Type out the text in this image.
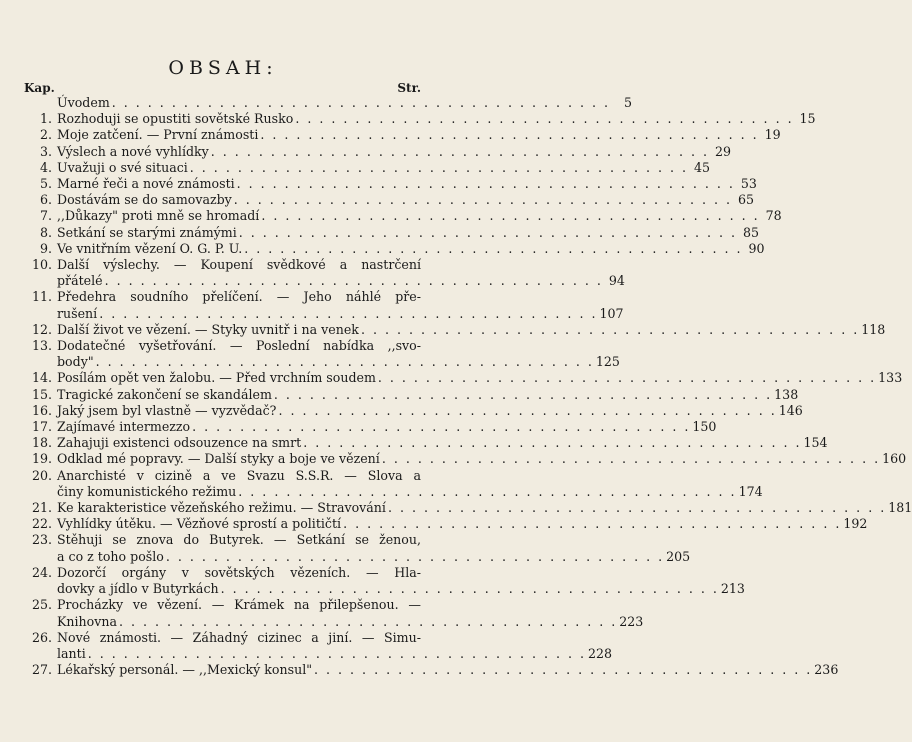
OBSAH:
Kap.	Str.
Úvodem . . . . . . . . . . . . . . . . . . . . . . . . . . . . . . . . . . . . . . . . . .	5
1. Rozhoduji se opustiti sovětské Rusko . . . . . . . . . . . . . . . . . . . . . . . . . . . . . . . . . . . . . . . . . . 15
2. Moje zatčení. — První známosti . . . . . . . . . . . . . . . . . . . . . . . . . . . . . . . . . . . . . . . . . . 19
3. Výslech a nové vyhlídky . . . . . . . . . . . . . . . . . . . . . . . . . . . . . . . . . . . . . . . . . . 29
4. Uvažuji o své situaci . . . . . . . . . . . . . . . . . . . . . . . . . . . . . . . . . . . . . . . . . . 45
5. Marné řeči a nové známosti . . . . . . . . . . . . . . . . . . . . . . . . . . . . . . . . . . . . . . . . . . 53
6. Dostávám se do samovazby . . . . . . . . . . . . . . . . . . . . . . . . . . . . . . . . . . . . . . . . . . 65
7. ,,Důkazy" proti mně se hromadí . . . . . . . . . . . . . . . . . . . . . . . . . . . . . . . . . . . . . . . . . . 78
8. Setkání se starými známými . . . . . . . . . . . . . . . . . . . . . . . . . . . . . . . . . . . . . . . . . . 85
9. Ve vnitřním vězení O. G. P. U. . . . . . . . . . . . . . . . . . . . . . . . . . . . . . . . . . . . . . . . . . . 90
10. Další výslechy. — Koupení svědkové a nastrčení
přátelé . . . . . . . . . . . . . . . . . . . . . . . . . . . . . . . . . . . . . . . . . . 94
11. Předehra soudního přelíčení. — Jeho náhlé pře-
rušení . . . . . . . . . . . . . . . . . . . . . . . . . . . . . . . . . . . . . . . . . . 107
12. Další život ve vězení. — Styky uvnitř i na venek . . . . . . . . . . . . . . . . . . . . . . . . . . . . . . . . . . . . . . . . . . 118
13. Dodatečné vyšetřování. — Poslední nabídka ,,svo-
body" . . . . . . . . . . . . . . . . . . . . . . . . . . . . . . . . . . . . . . . . . . 125
14. Posílám opět ven žalobu. — Před vrchním soudem . . . . . . . . . . . . . . . . . . . . . . . . . . . . . . . . . . . . . . . . . . 133
15. Tragické zakončení se skandálem . . . . . . . . . . . . . . . . . . . . . . . . . . . . . . . . . . . . . . . . . . 138
16. Jaký jsem byl vlastně — vyzvědač? . . . . . . . . . . . . . . . . . . . . . . . . . . . . . . . . . . . . . . . . . . 146
17. Zajímavé intermezzo . . . . . . . . . . . . . . . . . . . . . . . . . . . . . . . . . . . . . . . . . . 150
18. Zahajuji existenci odsouzence na smrt . . . . . . . . . . . . . . . . . . . . . . . . . . . . . . . . . . . . . . . . . . 154
19. Odklad mé popravy. — Další styky a boje ve vězení . . . . . . . . . . . . . . . . . . . . . . . . . . . . . . . . . . . . . . . . . . 160
20. Anarchisté v cizině a ve Svazu S.S.R. — Slova a
činy komunistického režimu . . . . . . . . . . . . . . . . . . . . . . . . . . . . . . . . . . . . . . . . . . 174
21. Ke karakteristice vězeňského režimu. — Stravování . . . . . . . . . . . . . . . . . . . . . . . . . . . . . . . . . . . . . . . . . . 181
22. Vyhlídky útěku. — Vězňové sprostí a političtí . . . . . . . . . . . . . . . . . . . . . . . . . . . . . . . . . . . . . . . . . . 192
23. Stěhuji se znova do Butyrek. — Setkání se ženou,
a co z toho pošlo . . . . . . . . . . . . . . . . . . . . . . . . . . . . . . . . . . . . . . . . . . 205
24. Dozorčí orgány v sovětských vězeních. — Hla-
dovky a jídlo v Butyrkách . . . . . . . . . . . . . . . . . . . . . . . . . . . . . . . . . . . . . . . . . . 213
25. Procházky ve vězení. — Krámek na přilepšenou. —
Knihovna . . . . . . . . . . . . . . . . . . . . . . . . . . . . . . . . . . . . . . . . . . 223
26. Nové známosti. — Záhadný cizinec a jiní. — Simu-
lanti . . . . . . . . . . . . . . . . . . . . . . . . . . . . . . . . . . . . . . . . . . 228
27. Lékařský personál. — ,,Mexický konsul" . . . . . . . . . . . . . . . . . . . . . . . . . . . . . . . . . . . . . . . . . . 236
